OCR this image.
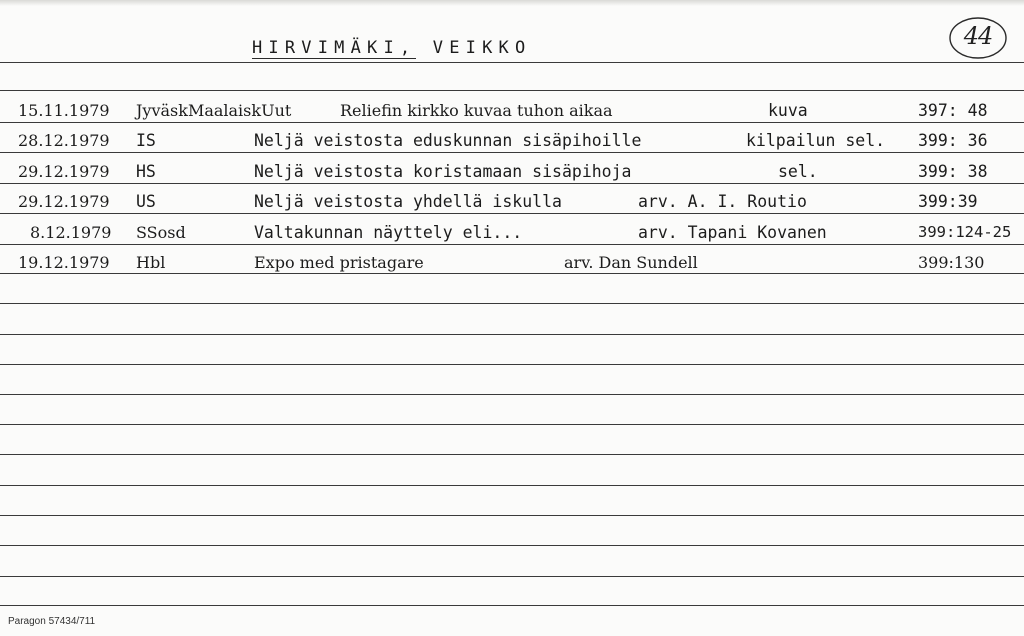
HIRVIMÄKI, VEIKKO	44
15.11.1979 JyväskMaalaiskUut	Reliefin kirkko kuvaa tuhon aikaa	kuva	397: 48
28.12.1979 IS	Neljä veistosta eduskunnan sisäpihoille	kilpailun sel. 399: 36
29.12.1979 HS	Neljä veistosta koristamaan sisäpihoja	sel.	399: 38
29.12.1979 US	Neljä veistosta yhdellä iskulla	arv. A. I. Routio	399:39
8.12.1979 SSosd	Valtakunnan näyttely eli...	arv. Tapani Kovanen	399:124-25
19.12.1979 Hbl	Expo med pristagare	arv. Dan Sundell	399:130
Paragon 57434/711
